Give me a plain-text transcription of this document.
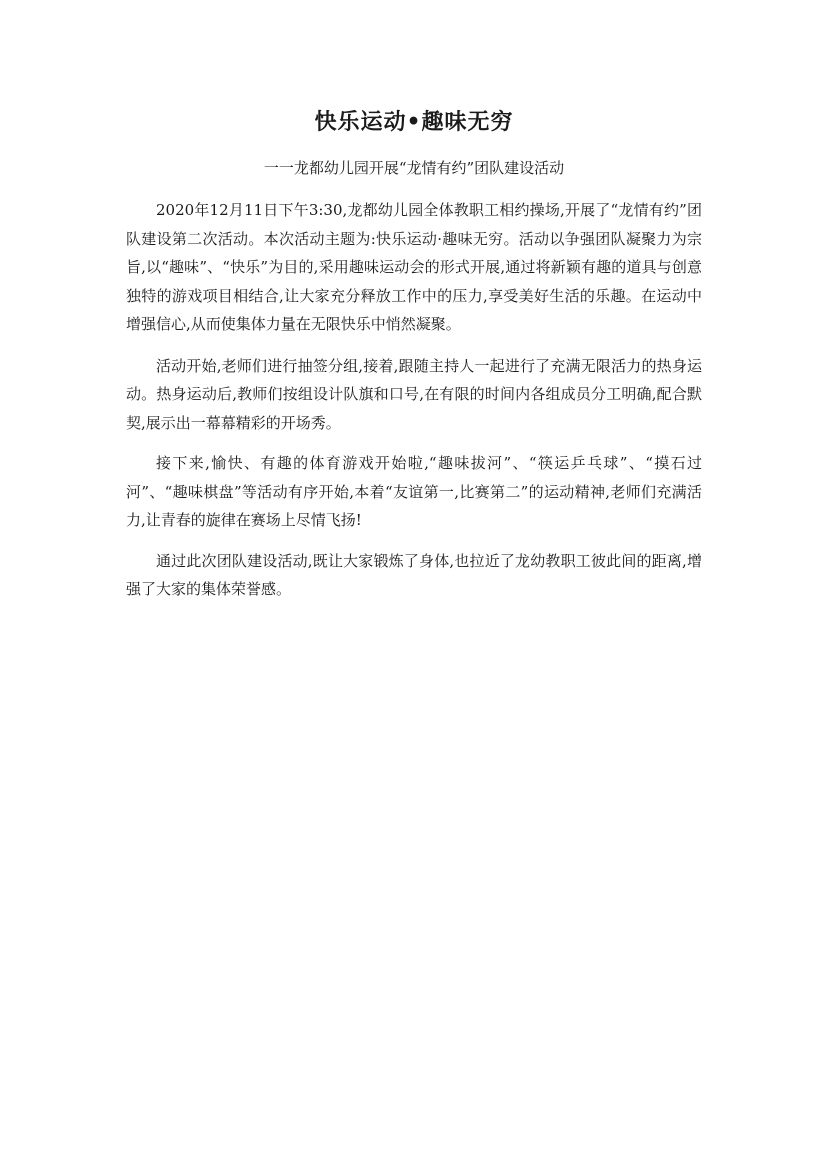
快乐运动•趣味无穷

一一龙都幼儿园开展“龙情有约”团队建设活动

2020年12月11日下午3:30,龙都幼儿园全体教职工相约操场,开展了“龙情有约”团队建设第二次活动。本次活动主题为:快乐运动·趣味无穷。活动以争强团队凝聚力为宗旨,以“趣味”、“快乐”为目的,采用趣味运动会的形式开展,通过将新颖有趣的道具与创意独特的游戏项目相结合,让大家充分释放工作中的压力,享受美好生活的乐趣。在运动中增强信心,从而使集体力量在无限快乐中悄然凝聚。

活动开始,老师们进行抽签分组,接着,跟随主持人一起进行了充满无限活力的热身运动。热身运动后,教师们按组设计队旗和口号,在有限的时间内各组成员分工明确,配合默契,展示出一幕幕精彩的开场秀。

接下来,愉快、有趣的体育游戏开始啦,“趣味拔河”、“筷运乒乓球”、“摸石过河”、“趣味棋盘”等活动有序开始,本着“友谊第一,比赛第二”的运动精神,老师们充满活力,让青春的旋律在赛场上尽情飞扬!

通过此次团队建设活动,既让大家锻炼了身体,也拉近了龙幼教职工彼此间的距离,增强了大家的集体荣誉感。
